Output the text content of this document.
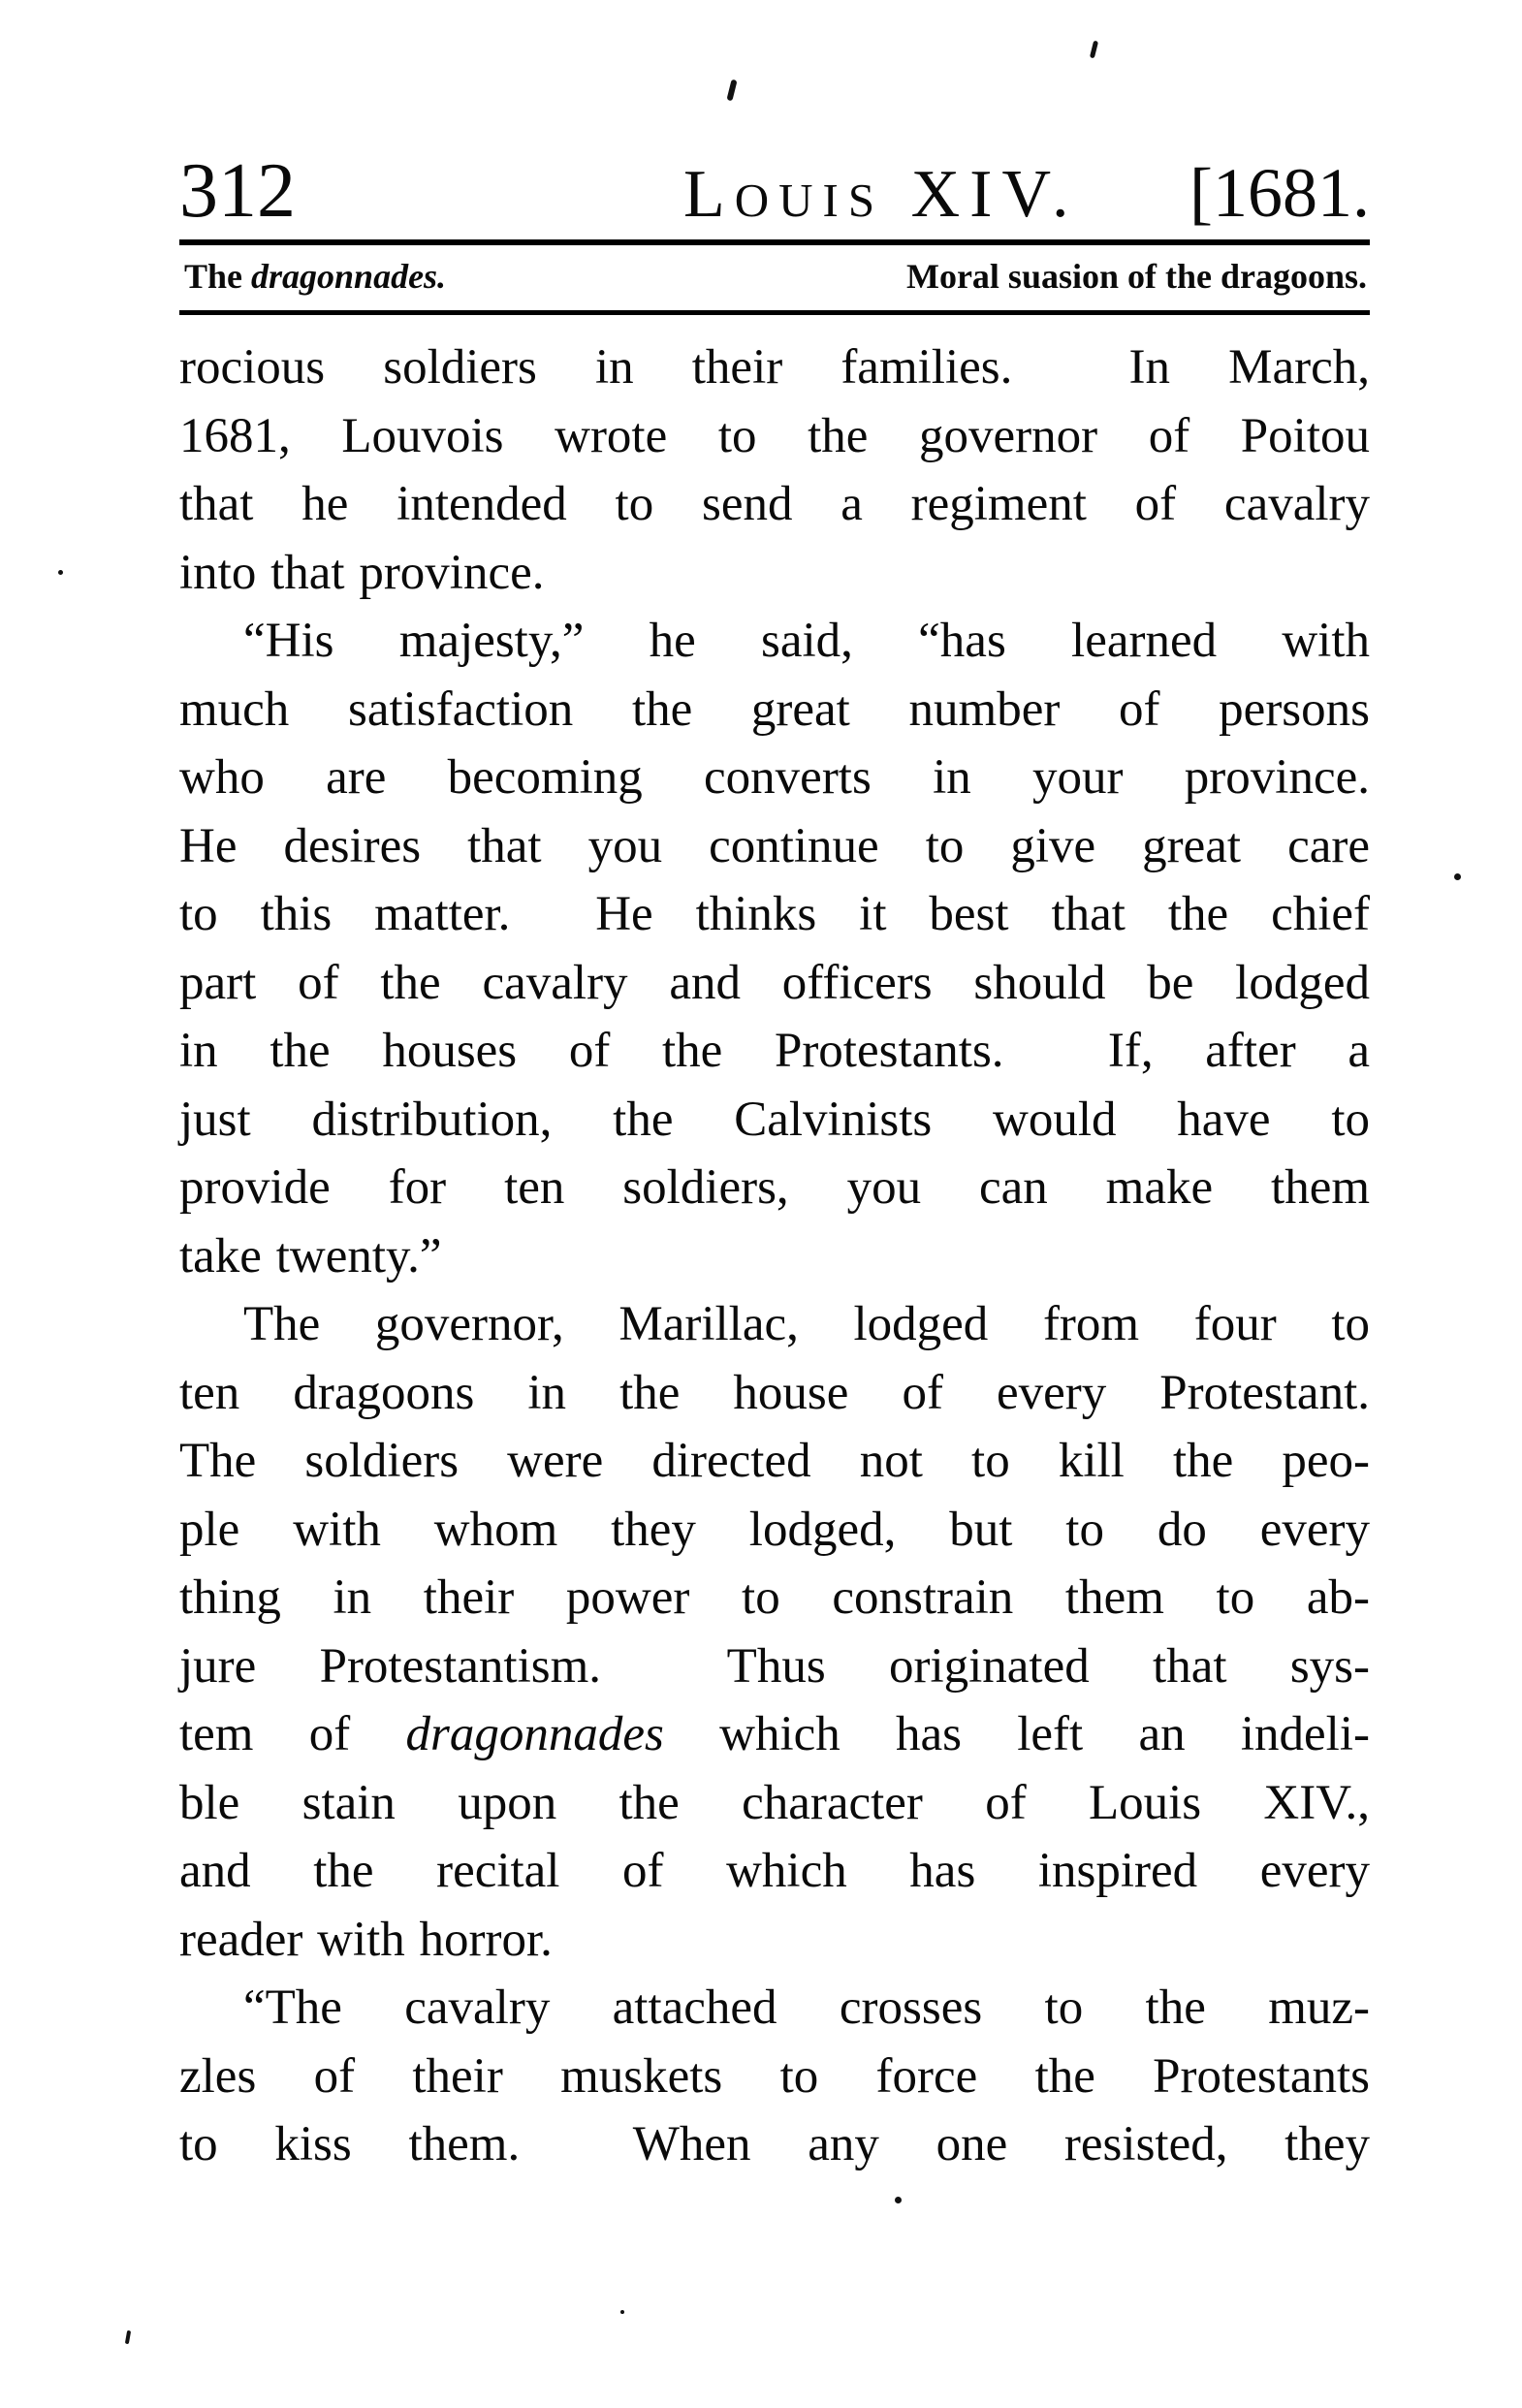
312	Louis XIV. [1681.
The dragonnades.	Moral suasion of the dragoons.
rocious soldiers in their families.  In March,
1681, Louvois wrote to the governor of Poitou
that he intended to send a regiment of cavalry
into that province.
“His majesty,” he said, “has learned with
much satisfaction the great number of persons
who are becoming converts in your province.
He desires that you continue to give great care
to this matter.  He thinks it best that the chief
part of the cavalry and officers should be lodged
in the houses of the Protestants.  If, after a
just distribution, the Calvinists would have to
provide for ten soldiers, you can make them
take twenty.”
The governor, Marillac, lodged from four to
ten dragoons in the house of every Protestant.
The soldiers were directed not to kill the peo-
ple with whom they lodged, but to do every
thing in their power to constrain them to ab-
jure Protestantism.  Thus originated that sys-
tem of dragonnades which has left an indeli-
ble stain upon the character of Louis XIV.,
and the recital of which has inspired every
reader with horror.
“The cavalry attached crosses to the muz-
zles of their muskets to force the Protestants
to kiss them.  When any one resisted, they
